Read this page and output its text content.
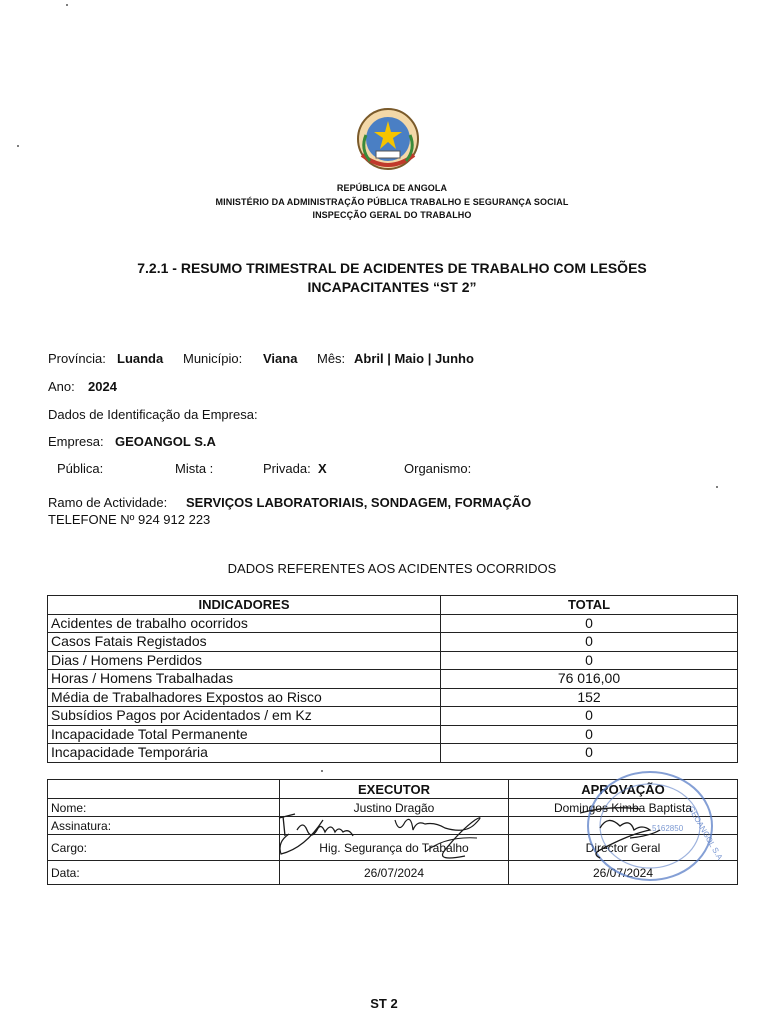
REPÚBLICA DE ANGOLA
MINISTÉRIO DA ADMINISTRAÇÃO PÚBLICA TRABALHO E SEGURANÇA SOCIAL
INSPECÇÃO GERAL DO TRABALHO
7.2.1 - RESUMO TRIMESTRAL DE ACIDENTES DE TRABALHO COM LESÕES
INCAPACITANTES “ST 2”
Província: Luanda Município: Viana Mês: Abril | Maio | Junho
Ano: 2024
Dados de Identificação da Empresa:
Empresa: GEOANGOL S.A
Pública:	Mista :	Privada: X	Organismo:
Ramo de Actividade: SERVIÇOS LABORATORIAIS, SONDAGEM, FORMAÇÃO
TELEFONE Nº 924 912 223
DADOS REFERENTES AOS ACIDENTES OCORRIDOS
INDICADORES	TOTAL
Acidentes de trabalho ocorridos	0
Casos Fatais Registados	0
Dias / Homens Perdidos	0
Horas / Homens Trabalhadas	76 016,00
Média de Trabalhadores Expostos ao Risco	152
Subsídios Pagos por Acidentados / em Kz	0
Incapacidade Total Permanente	0
Incapacidade Temporária	0
	EXECUTOR	APROVAÇÃO
Nome:	Justino Dragão	Domingos Kimba Baptista
Assinatura:		
Cargo:	Hig. Segurança do Trabalho	Director Geral
Data:	26/07/2024	26/07/2024
GEOANGOL S.A
5162850
ST 2
